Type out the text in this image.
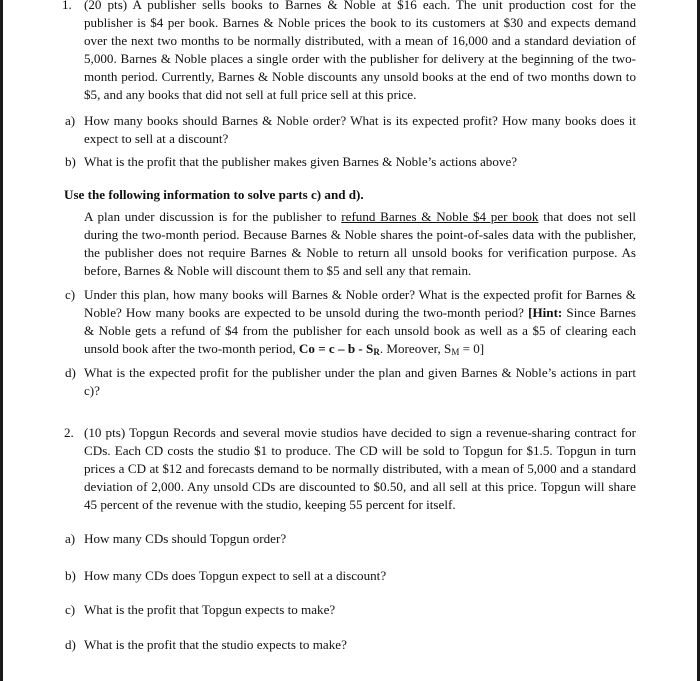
1. (20 pts) A publisher sells books to Barnes & Noble at $16 each. The unit production cost for the publisher is $4 per book. Barnes & Noble prices the book to its customers at $30 and expects demand over the next two months to be normally distributed, with a mean of 16,000 and a standard deviation of 5,000. Barnes & Noble places a single order with the publisher for delivery at the beginning of the two-month period. Currently, Barnes & Noble discounts any unsold books at the end of two months down to $5, and any books that did not sell at full price sell at this price.
a) How many books should Barnes & Noble order? What is its expected profit? How many books does it expect to sell at a discount?
b) What is the profit that the publisher makes given Barnes & Noble’s actions above?
Use the following information to solve parts c) and d).
A plan under discussion is for the publisher to refund Barnes & Noble $4 per book that does not sell during the two-month period. Because Barnes & Noble shares the point-of-sales data with the publisher, the publisher does not require Barnes & Noble to return all unsold books for verification purpose. As before, Barnes & Noble will discount them to $5 and sell any that remain.
c) Under this plan, how many books will Barnes & Noble order? What is the expected profit for Barnes & Noble? How many books are expected to be unsold during the two-month period? [Hint: Since Barnes & Noble gets a refund of $4 from the publisher for each unsold book as well as a $5 of clearing each unsold book after the two-month period, $Co = c - b - S_R$. Moreover, $S_M = 0$]
d) What is the expected profit for the publisher under the plan and given Barnes & Noble’s actions in part c)?
2. (10 pts) Topgun Records and several movie studios have decided to sign a revenue-sharing contract for CDs. Each CD costs the studio $1 to produce. The CD will be sold to Topgun for $1.5. Topgun in turn prices a CD at $12 and forecasts demand to be normally distributed, with a mean of 5,000 and a standard deviation of 2,000. Any unsold CDs are discounted to $0.50, and all sell at this price. Topgun will share 45 percent of the revenue with the studio, keeping 55 percent for itself.
a) How many CDs should Topgun order?
b) How many CDs does Topgun expect to sell at a discount?
c) What is the profit that Topgun expects to make?
d) What is the profit that the studio expects to make?
